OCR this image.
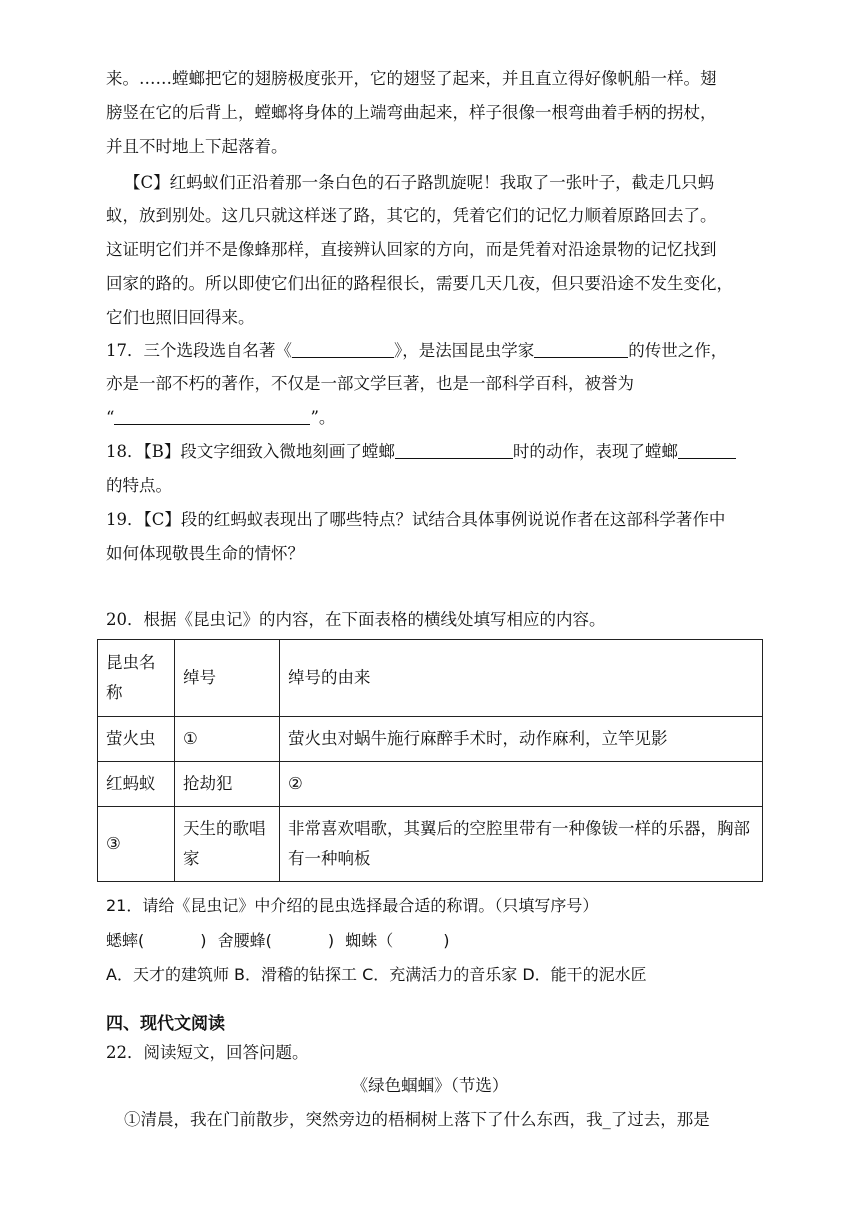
来。……螳螂把它的翅膀极度张开，它的翅竖了起来，并且直立得好像帆船一样。翅
膀竖在它的后背上，螳螂将身体的上端弯曲起来，样子很像一根弯曲着手柄的拐杖，
并且不时地上下起落着。
【C】红蚂蚁们正沿着那一条白色的石子路凯旋呢！我取了一张叶子，截走几只蚂
蚁，放到别处。这几只就这样迷了路，其它的，凭着它们的记忆力顺着原路回去了。
这证明它们并不是像蜂那样，直接辨认回家的方向，而是凭着对沿途景物的记忆找到
回家的路的。所以即使它们出征的路程很长，需要几天几夜，但只要沿途不发生变化，
它们也照旧回得来。
17．三个选段选自名著《	》，是法国昆虫学家	的传世之作，
亦是一部不朽的著作，不仅是一部文学巨著，也是一部科学百科，被誉为
“	”。
18．【B】段文字细致入微地刻画了螳螂	时的动作，表现了螳螂
的特点。
19．【C】段的红蚂蚁表现出了哪些特点？试结合具体事例说说作者在这部科学著作中
如何体现敬畏生命的情怀？
20．根据《昆虫记》的内容，在下面表格的横线处填写相应的内容。
昆虫名称	绰号	绰号的由来
萤火虫	①	萤火虫对蜗牛施行麻醉手术时，动作麻利，立竿见影
红蚂蚁	抢劫犯	②
③	天生的歌唱家	非常喜欢唱歌，其翼后的空腔里带有一种像钹一样的乐器，胸部有一种响板
21．请给《昆虫记》中介绍的昆虫选择最合适的称谓。（只填写序号）
蟋蟀(	) 舍腰蜂(	) 蜘蛛（	)
A．天才的建筑师 B．滑稽的钻探工 C．充满活力的音乐家 D．能干的泥水匠
四、现代文阅读
22．阅读短文，回答问题。
《绿色蝈蝈》（节选）
①清晨，我在门前散步，突然旁边的梧桐树上落下了什么东西，我_了过去，那是
